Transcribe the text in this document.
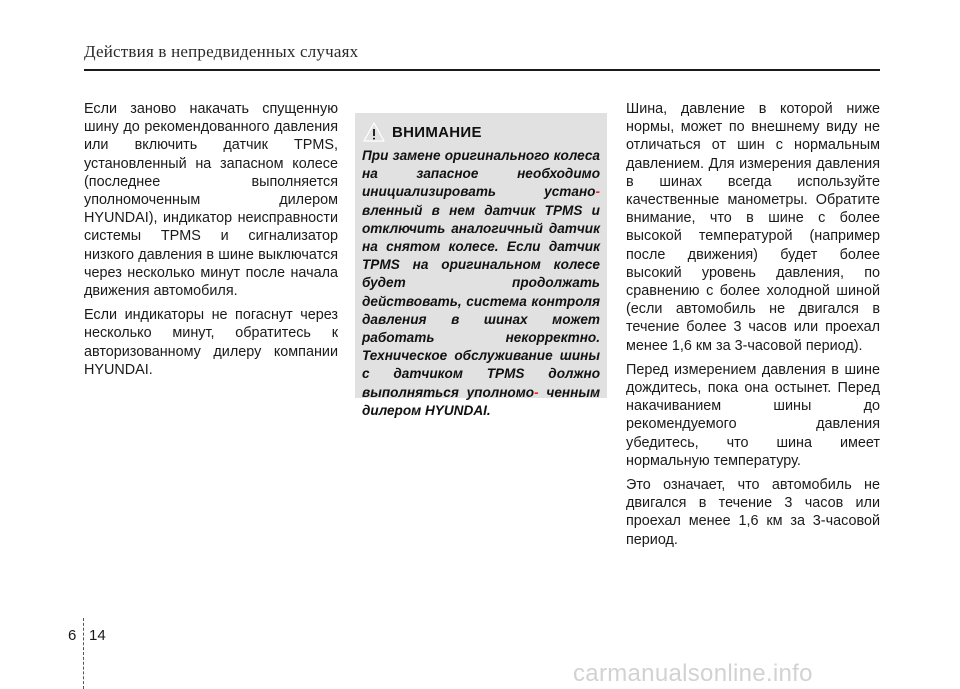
Действия в непредвиденных случаях

Если заново накачать спущенную шину до рекомендованного давления или включить датчик TPMS, установленный на запасном колесе (последнее выполняется уполномоченным дилером HYUNDAI), индикатор неисправности системы TPMS и сигнализатор низкого давления в шине выключатся через несколько минут после начала движения автомобиля.

Если индикаторы не погаснут через несколько минут, обратитесь к авторизованному дилеру компании HYUNDAI.

ВНИМАНИЕ

При замене оригинального колеса на запасное необходимо инициализировать устано- вленный в нем датчик TPMS и отключить аналогичный датчик на снятом колесе. Если датчик TPMS на оригинальном колесе будет продолжать действовать, система контроля давления в шинах может работать некорректно. Техническое обслуживание шины с датчиком TPMS должно выполняться уполномо- ченным дилером HYUNDAI.

Шина, давление в которой ниже нормы, может по внешнему виду не отличаться от шин с нормальным давлением. Для измерения давления в шинах всегда используйте качественные манометры. Обратите внимание, что в шине с более высокой температурой (например после движения) будет более высокий уровень давления, по сравнению с более холодной шиной (если автомобиль не двигался в течение более 3 часов или проехал менее 1,6 км за 3-часовой период).

Перед измерением давления в шине дождитесь, пока она остынет. Перед накачиванием шины до рекомендуемого давления убедитесь, что шина имеет нормальную температуру.

Это означает, что автомобиль не двигался в течение 3 часов или проехал менее 1,6 км за 3-часовой период.

6 14
carmanualsonline.info
